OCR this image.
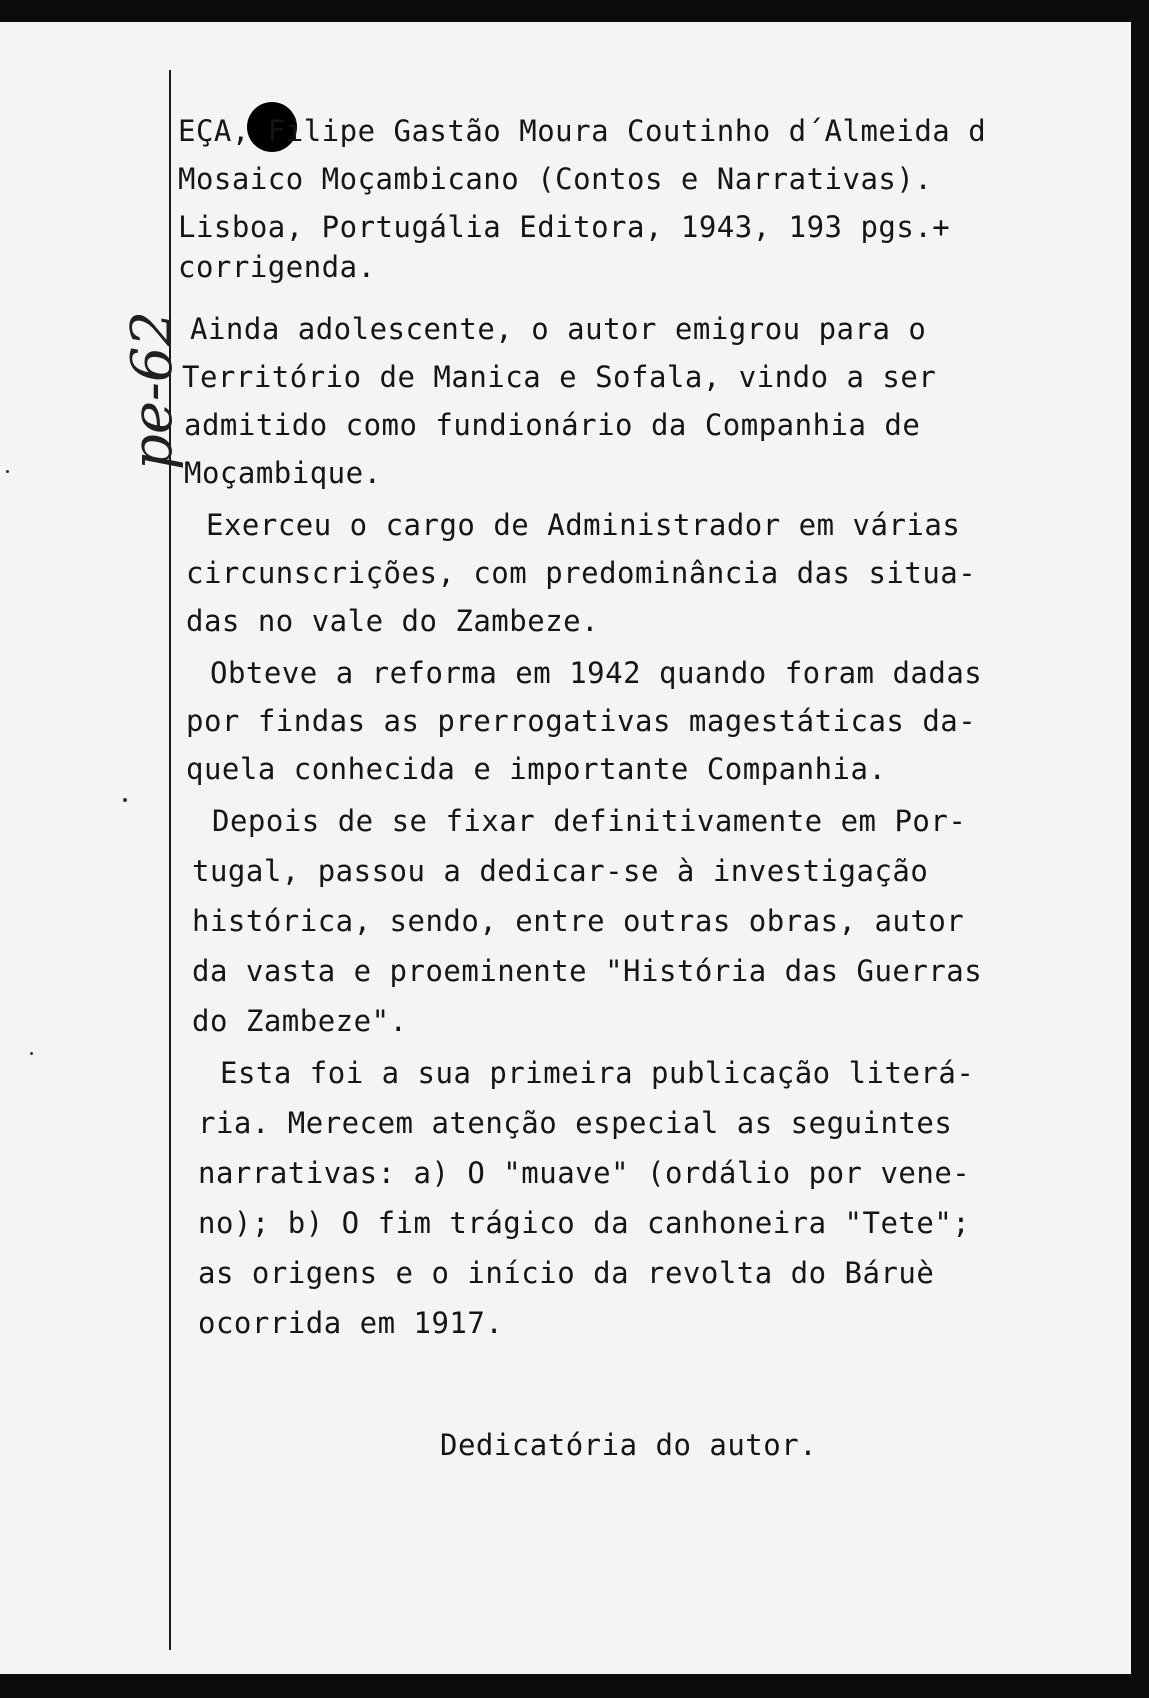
pe-62
EÇA, Filipe Gastão Moura Coutinho d´Almeida d
Mosaico Moçambicano (Contos e Narrativas).
Lisboa, Portugália Editora, 1943, 193 pgs.+
corrigenda.
Ainda adolescente, o autor emigrou para o
Território de Manica e Sofala, vindo a ser
admitido como fundionário da Companhia de
Moçambique.
Exerceu o cargo de Administrador em várias
circunscrições, com predominância das situa-
das no vale do Zambeze.
Obteve a reforma em 1942 quando foram dadas
por findas as prerrogativas magestáticas da-
quela conhecida e importante Companhia.
Depois de se fixar definitivamente em Por-
tugal, passou a dedicar-se à investigação
histórica, sendo, entre outras obras, autor
da vasta e proeminente "História das Guerras
do Zambeze".
Esta foi a sua primeira publicação literá-
ria. Merecem atenção especial as seguintes
narrativas: a) O "muave" (ordálio por vene-
no); b) O fim trágico da canhoneira "Tete";
as origens e o início da revolta do Báruè
ocorrida em 1917.
Dedicatória do autor.
